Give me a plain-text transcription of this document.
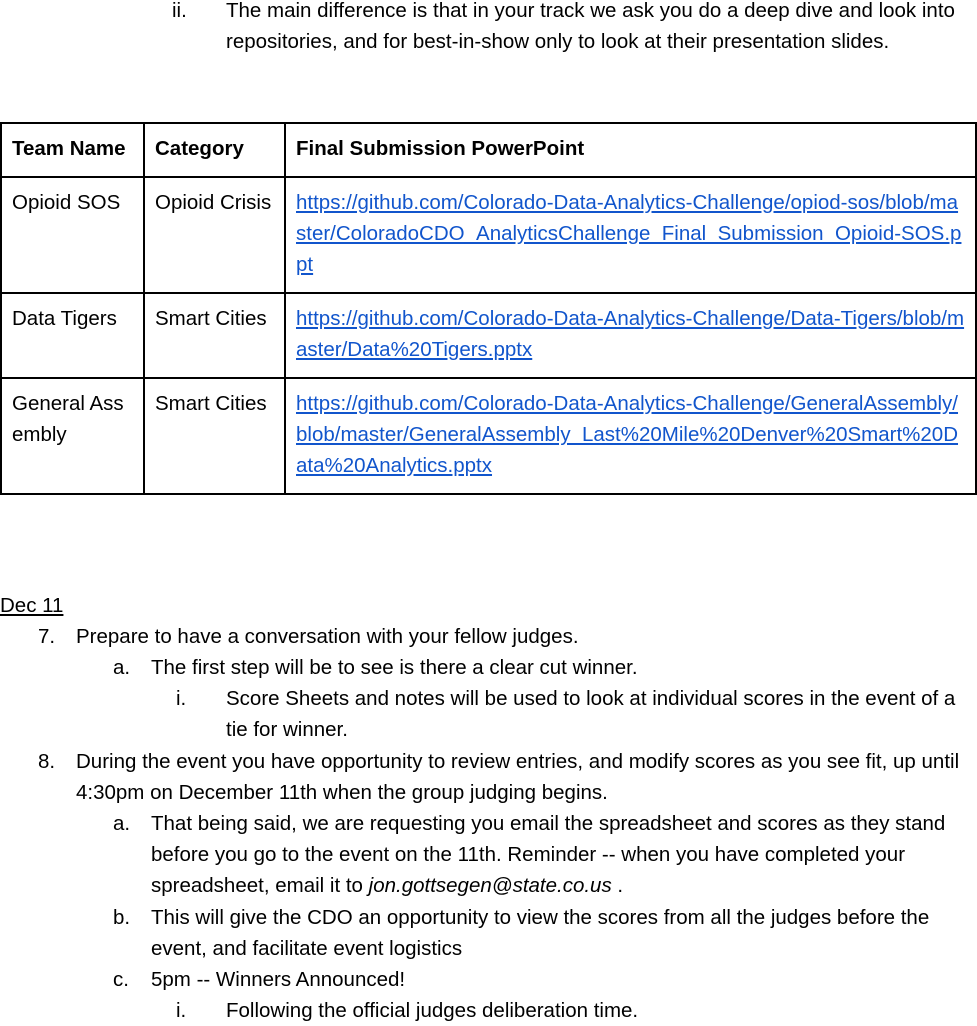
ii. The main difference is that in your track we ask you do a deep dive and look into repositories, and for best-in-show only to look at their presentation slides.
Team Name	Category	Final Submission PowerPoint
Opioid SOS	Opioid Crisis	https://github.com/Colorado-Data-Analytics-Challenge/opiod-sos/blob/master/ColoradoCDO_AnalyticsChallenge_Final_Submission_Opioid-SOS.ppt
Data Tigers	Smart Cities	https://github.com/Colorado-Data-Analytics-Challenge/Data-Tigers/blob/master/Data%20Tigers.pptx
General Assembly	Smart Cities	https://github.com/Colorado-Data-Analytics-Challenge/GeneralAssembly/blob/master/GeneralAssembly_Last%20Mile%20Denver%20Smart%20Data%20Analytics.pptx
Dec 11
7. Prepare to have a conversation with your fellow judges.
a. The first step will be to see is there a clear cut winner.
i. Score Sheets and notes will be used to look at individual scores in the event of a tie for winner.
8. During the event you have opportunity to review entries, and modify scores as you see fit, up until 4:30pm on December 11th when the group judging begins.
a. That being said, we are requesting you email the spreadsheet and scores as they stand before you go to the event on the 11th. Reminder -- when you have completed your spreadsheet, email it to jon.gottsegen@state.co.us .
b. This will give the CDO an opportunity to view the scores from all the judges before the event, and facilitate event logistics
c. 5pm -- Winners Announced!
i. Following the official judges deliberation time.
